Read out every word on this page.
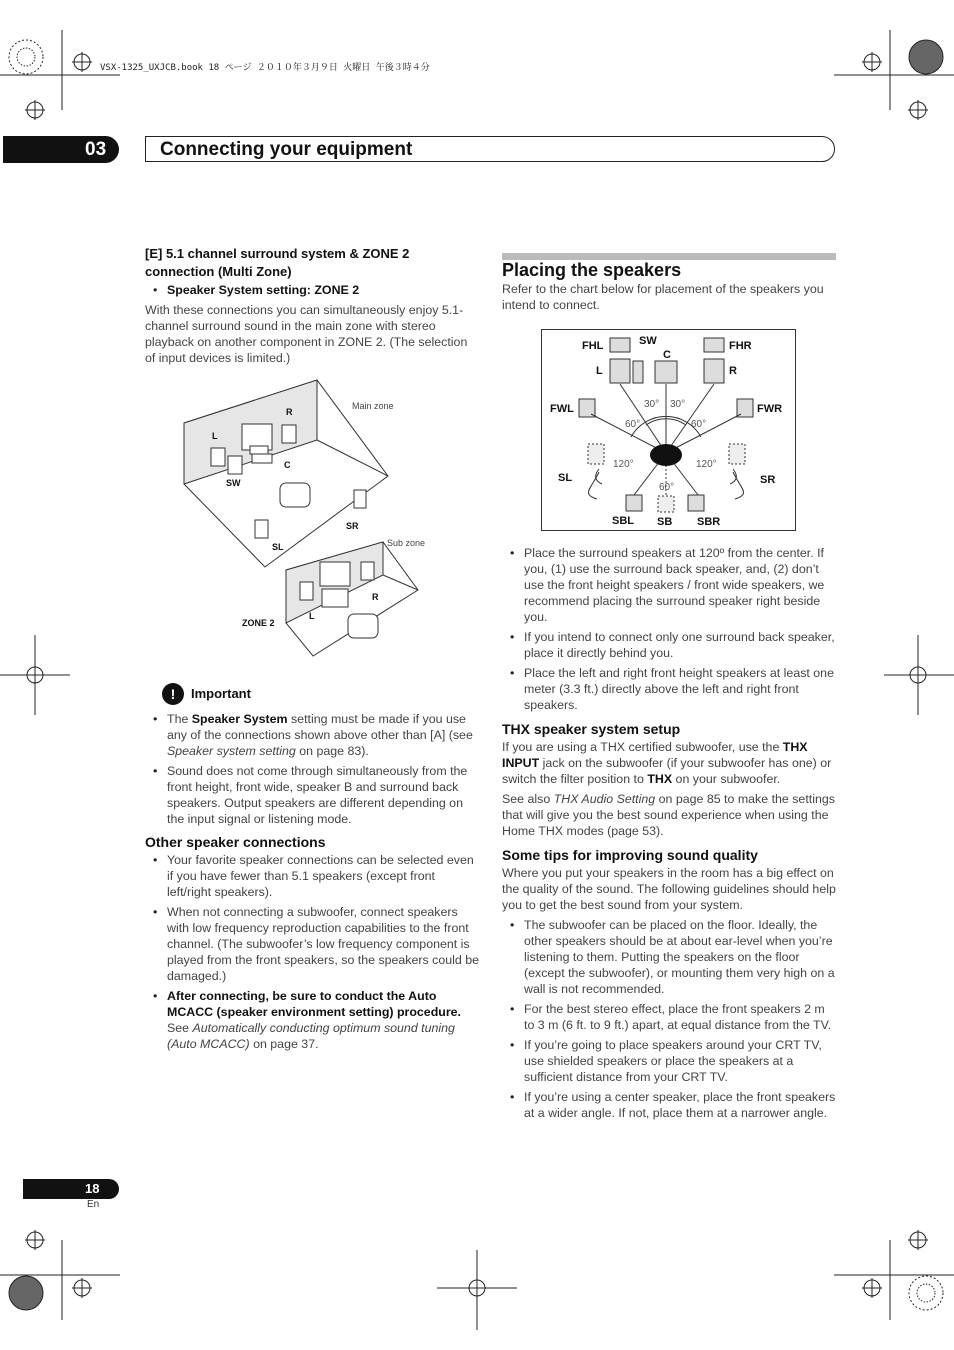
VSX-1325_UXJCB.book 18 ページ ２０１０年３月９日 火曜日 午後３時４分
03	Connecting your equipment
[E] 5.1 channel surround system & ZONE 2 connection (Multi Zone)
• Speaker System setting: ZONE 2

With these connections you can simultaneously enjoy 5.1-channel surround sound in the main zone with stereo playback on another component in ZONE 2. (The selection of input devices is limited.)

R
L
C
SW
SR
SL
R
L
ZONE 2
Main zone
Sub zone
!	Important
• The Speaker System setting must be made if you use any of the connections shown above other than [A] (see Speaker system setting on page 83).
• Sound does not come through simultaneously from the front height, front wide, speaker B and surround back speakers. Output speakers are different depending on the input signal or listening mode.
Other speaker connections
• Your favorite speaker connections can be selected even if you have fewer than 5.1 speakers (except front left/right speakers).
• When not connecting a subwoofer, connect speakers with low frequency reproduction capabilities to the front channel. (The subwoofer’s low frequency component is played from the front speakers, so the speakers could be damaged.)
• After connecting, be sure to conduct the Auto MCACC (speaker environment setting) procedure.
See Automatically conducting optimum sound tuning (Auto MCACC) on page 37.
Placing the speakers

Refer to the chart below for placement of the speakers you intend to connect.

FHL	SW
C
FHR
L	R
FWL	FWR
SL	SR
SBL SB SBR
30° 30°
60°	60°
120°	120°
60°
• Place the surround speakers at 120º from the center. If you, (1) use the surround back speaker, and, (2) don’t use the front height speakers / front wide speakers, we recommend placing the surround speaker right beside you.
• If you intend to connect only one surround back speaker, place it directly behind you.
• Place the left and right front height speakers at least one meter (3.3 ft.) directly above the left and right front speakers.
THX speaker system setup

If you are using a THX certified subwoofer, use the THX INPUT jack on the subwoofer (if your subwoofer has one) or switch the filter position to THX on your subwoofer.

See also THX Audio Setting on page 85 to make the settings that will give you the best sound experience when using the Home THX modes (page 53).

Some tips for improving sound quality

Where you put your speakers in the room has a big effect on the quality of the sound. The following guidelines should help you to get the best sound from your system.

• The subwoofer can be placed on the floor. Ideally, the other speakers should be at about ear-level when you’re listening to them. Putting the speakers on the floor (except the subwoofer), or mounting them very high on a wall is not recommended.
• For the best stereo effect, place the front speakers 2 m to 3 m (6 ft. to 9 ft.) apart, at equal distance from the TV.
• If you’re going to place speakers around your CRT TV, use shielded speakers or place the speakers at a sufficient distance from your CRT TV.
• If you’re using a center speaker, place the front speakers at a wider angle. If not, place them at a narrower angle.
18
En
